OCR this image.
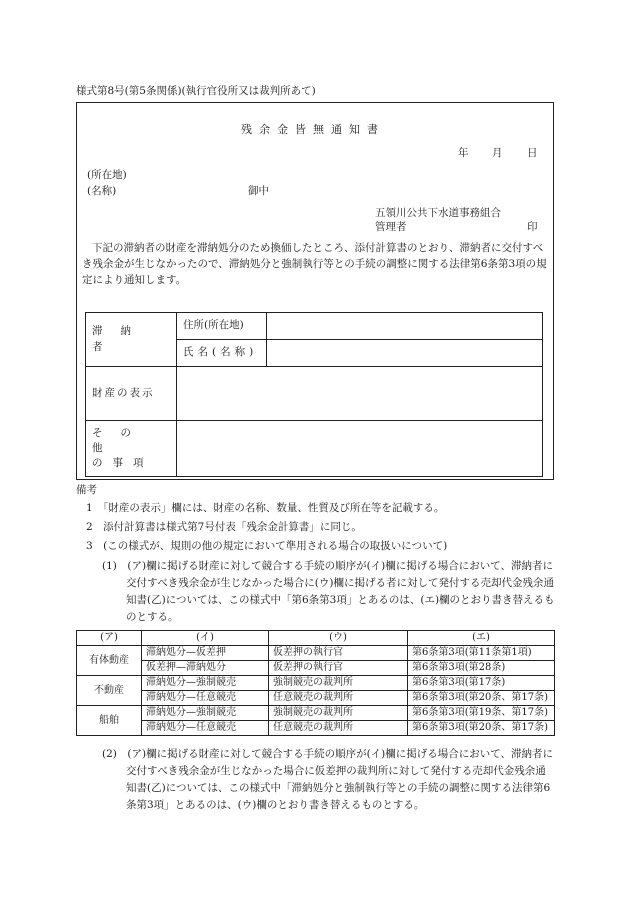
様式第8号(第5条関係)(執行官役所又は裁判所あて)
残余金皆無通知書
年 月 日
(所在地)
(名称)	御中
五領川公共下水道事務組合
管理者	印
下記の滞納者の財産を滞納処分のため換価したところ、添付計算書のとおり、滞納者に交付すべき残余金が生じなかったので、滞納処分と強制執行等との手続の調整に関する法律第6条第3項の規定により通知します。
滞納者	住所(所在地)	
	氏名(名称)	
財産の表示		

その他
の事項		

備考
1　「財産の表示」欄には、財産の名称、数量、性質及び所在等を記載する。
2　添付計算書は様式第7号付表「残余金計算書」に同じ。
3　(この様式が、規則の他の規定において準用される場合の取扱いについて)
(1)　(ア)欄に掲げる財産に対して競合する手続の順序が(イ)欄に掲げる場合において、滞納者に交付すべき残余金が生じなかった場合に(ウ)欄に掲げる者に対して発付する売却代金残余通知書(乙)については、この様式中「第6条第3項」とあるのは、(エ)欄のとおり書き替えるものとする。
(ア)	(イ)	(ウ)	(エ)
有体動産	滞納処分—仮差押	仮差押の執行官	第6条第3項(第11条第1項)
	仮差押—滞納処分	仮差押の執行官	第6条第3項(第28条)
不動産	滞納処分—強制競売	強制競売の裁判所	第6条第3項(第17条)
	滞納処分—任意競売	任意競売の裁判所	第6条第3項(第20条、第17条)
船舶	滞納処分—強制競売	強制競売の裁判所	第6条第3項(第19条、第17条)
	滞納処分—任意競売	任意競売の裁判所	第6条第3項(第20条、第17条)
(2)　(ア)欄に掲げる財産に対して競合する手続の順序が(イ)欄に掲げる場合において、滞納者に交付すべき残余金が生じなかった場合に仮差押の裁判所に対して発付する売却代金残余通知書(乙)については、この様式中「滞納処分と強制執行等との手続の調整に関する法律第6条第3項」とあるのは、(ウ)欄のとおり書き替えるものとする。
